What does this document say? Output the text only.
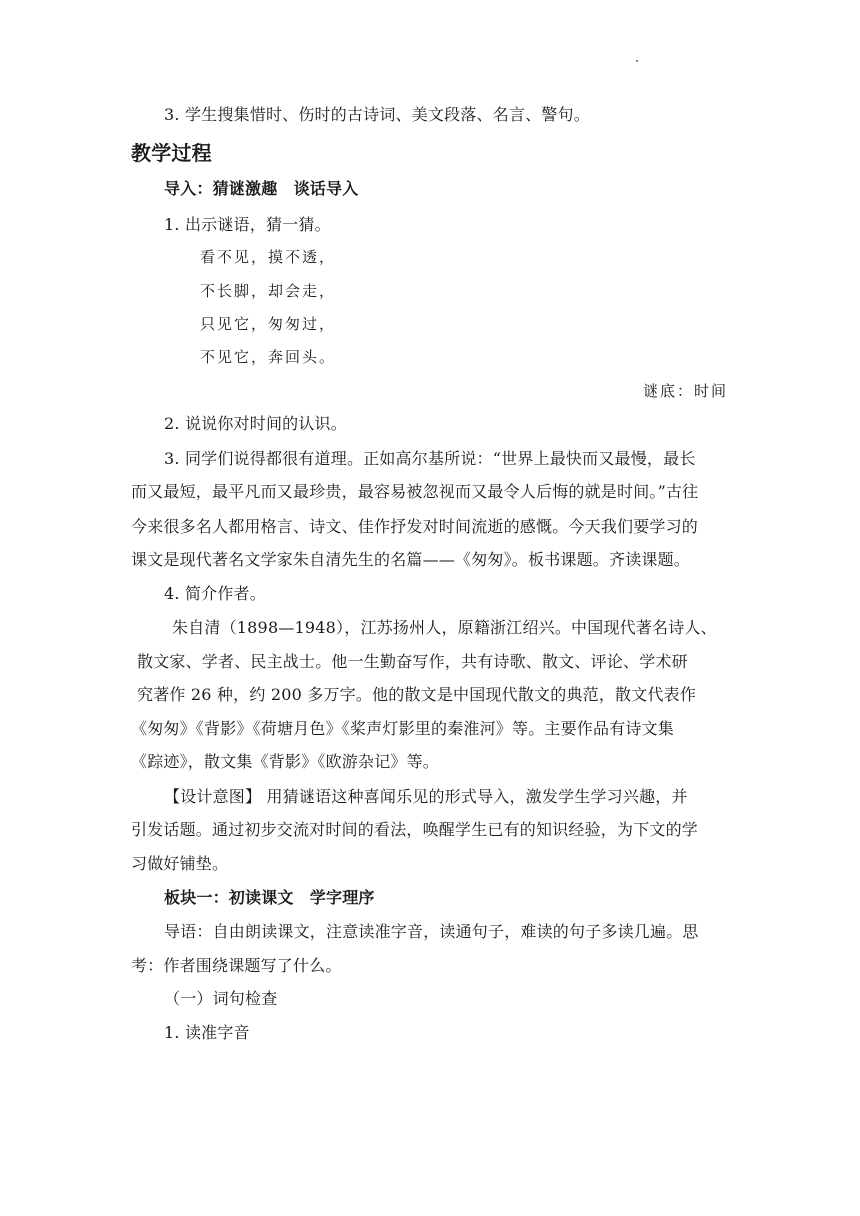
3. 学生搜集惜时、伤时的古诗词、美文段落、名言、警句。
教学过程
导入：猜谜激趣　谈话导入
1. 出示谜语，猜一猜。
看不见，摸不透，
不长脚，却会走，
只见它，匆匆过，
不见它，奔回头。
谜底：时间
2. 说说你对时间的认识。
3. 同学们说得都很有道理。正如高尔基所说：“世界上最快而又最慢，最长
而又最短，最平凡而又最珍贵，最容易被忽视而又最令人后悔的就是时间。”古往
今来很多名人都用格言、诗文、佳作抒发对时间流逝的感慨。今天我们要学习的
课文是现代著名文学家朱自清先生的名篇——《匆匆》。板书课题。齐读课题。
4. 简介作者。
朱自清（1898—1948），江苏扬州人，原籍浙江绍兴。中国现代著名诗人、
散文家、学者、民主战士。他一生勤奋写作，共有诗歌、散文、评论、学术研
究著作 26 种，约 200 多万字。他的散文是中国现代散文的典范，散文代表作
《匆匆》《背影》《荷塘月色》《桨声灯影里的秦淮河》等。主要作品有诗文集
《踪迹》，散文集《背影》《欧游杂记》等。
【设计意图】 用猜谜语这种喜闻乐见的形式导入，激发学生学习兴趣，并
引发话题。通过初步交流对时间的看法，唤醒学生已有的知识经验，为下文的学
习做好铺垫。
板块一：初读课文　学字理序
导语：自由朗读课文，注意读准字音，读通句子，难读的句子多读几遍。思
考：作者围绕课题写了什么。
（一）词句检查
1. 读准字音
